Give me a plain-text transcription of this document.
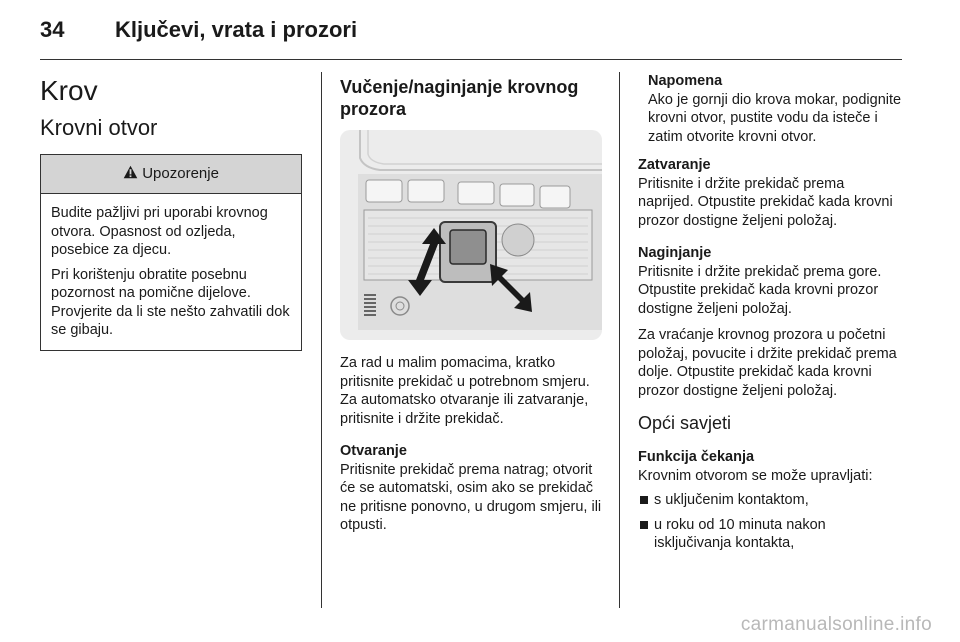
34 Ključevi, vrata i prozori
Krov
Krovni otvor
Upozorenje

Budite pažljivi pri uporabi krovnog otvora. Opasnost od ozljeda, posebice za djecu.

Pri korištenju obratite posebnu pozornost na pomične dijelove. Provjerite da li ste nešto zahvatili dok se gibaju.

Vučenje/naginjanje krovnog prozora

Za rad u malim pomacima, kratko pritisnite prekidač u potrebnom smjeru. Za automatsko otvaranje ili zatvaranje, pritisnite i držite prekidač.

Otvaranje

Pritisnite prekidač prema natrag; otvorit će se automatski, osim ako se prekidač ne pritisne ponovno, u drugom smjeru, ili otpusti.

Napomena

Ako je gornji dio krova mokar, podignite krovni otvor, pustite vodu da isteče i zatim otvorite krovni otvor.

Zatvaranje

Pritisnite i držite prekidač prema naprijed. Otpustite prekidač kada krovni prozor dostigne željeni položaj.

Naginjanje

Pritisnite i držite prekidač prema gore. Otpustite prekidač kada krovni prozor dostigne željeni položaj.

Za vraćanje krovnog prozora u početni položaj, povucite i držite prekidač prema dolje. Otpustite prekidač kada krovni prozor dostigne željeni položaj.

Opći savjeti

Funkcija čekanja

Krovnim otvorom se može upravljati:

s uključenim kontaktom,
u roku od 10 minuta nakon isključivanja kontakta,
carmanualsonline.info
